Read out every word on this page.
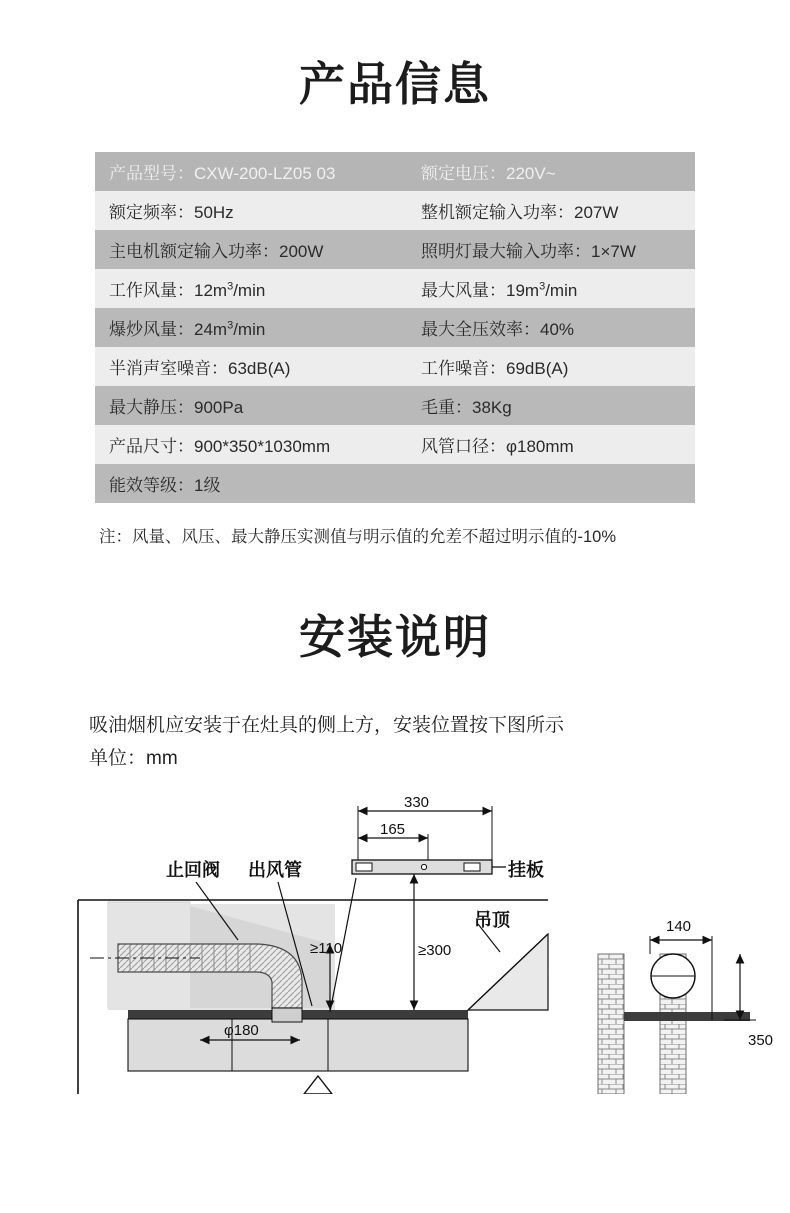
产品信息
产品型号：CXW-200-LZ05 03	额定电压：220V~
额定频率：50Hz	整机额定输入功率：207W
主电机额定输入功率：200W	照明灯最大输入功率：1×7W
工作风量：$12m^3/\min$	最大风量：$19m^3/\min$
爆炒风量：$24m^3/\min$	最大全压效率：40%
半消声室噪音：63dB(A)	工作噪音：69dB(A)
最大静压：900Pa	毛重：38Kg
产品尺寸：900*350*1030mm	风管口径：φ180mm
能效等级：1级	
注：风量、风压、最大静压实测值与明示值的允差不超过明示值的-10%
安装说明
吸油烟机应安装于在灶具的侧上方，安装位置按下图所示
单位：mm
330
165
止回阀 出风管	挂板
吊顶
≥110	≥300
φ180
140
350
